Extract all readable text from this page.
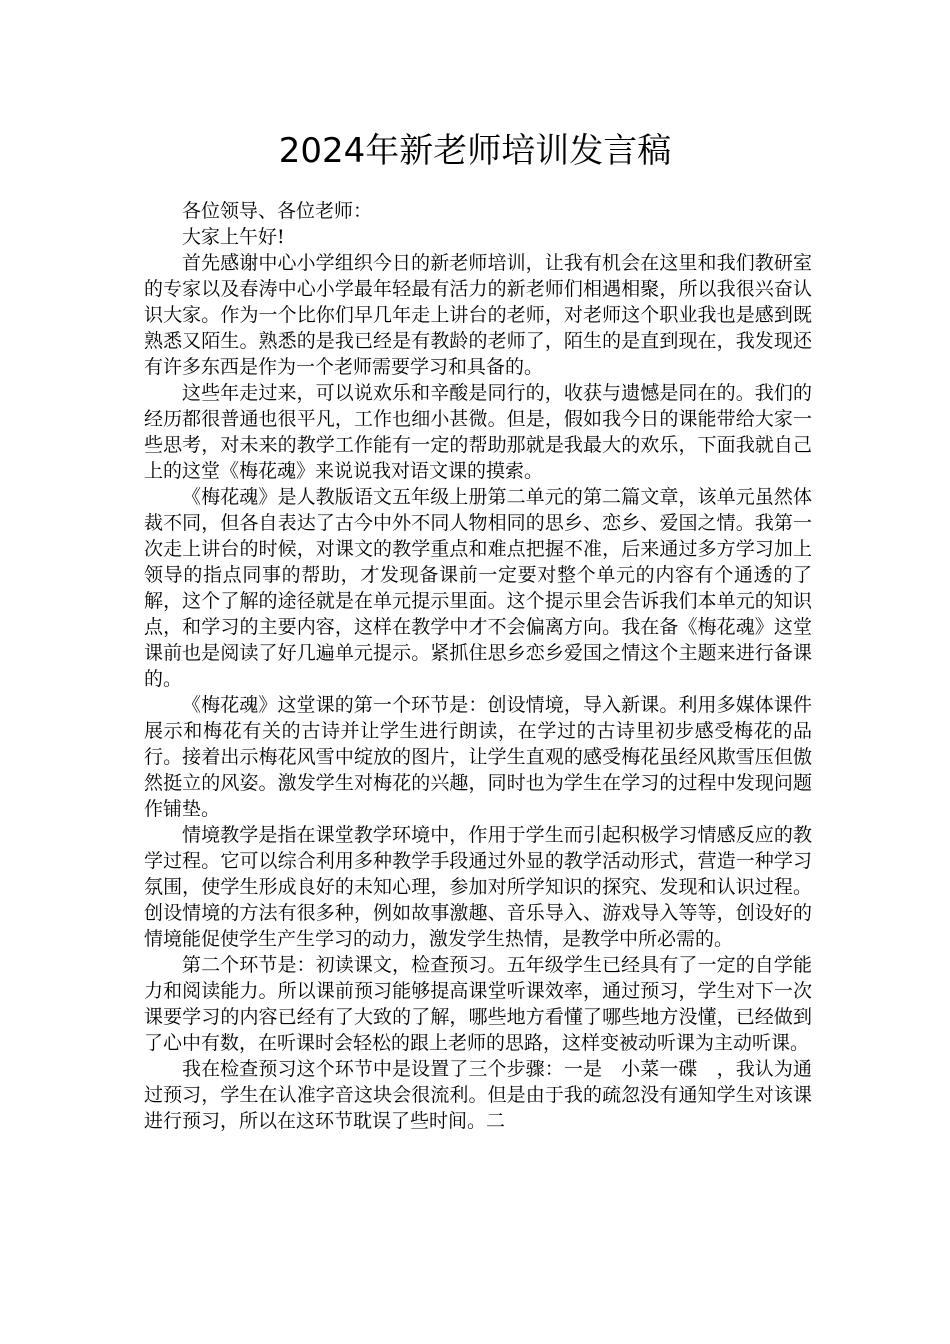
2024年新老师培训发言稿

各位领导、各位老师：

大家上午好!

首先感谢中心小学组织今日的新老师培训，让我有机会在这里和我们教研室的专家以及春涛中心小学最年轻最有活力的新老师们相遇相聚，所以我很兴奋认识大家。作为一个比你们早几年走上讲台的老师，对老师这个职业我也是感到既熟悉又陌生。熟悉的是我已经是有教龄的老师了，陌生的是直到现在，我发现还有许多东西是作为一个老师需要学习和具备的。

这些年走过来，可以说欢乐和辛酸是同行的，收获与遗憾是同在的。我们的经历都很普通也很平凡，工作也细小甚微。但是，假如我今日的课能带给大家一些思考，对未来的教学工作能有一定的帮助那就是我最大的欢乐，下面我就自己上的这堂《梅花魂》来说说我对语文课的摸索。

《梅花魂》是人教版语文五年级上册第二单元的第二篇文章，该单元虽然体裁不同，但各自表达了古今中外不同人物相同的思乡、恋乡、爱国之情。我第一次走上讲台的时候，对课文的教学重点和难点把握不准，后来通过多方学习加上领导的指点同事的帮助，才发现备课前一定要对整个单元的内容有个通透的了解，这个了解的途径就是在单元提示里面。这个提示里会告诉我们本单元的知识点，和学习的主要内容，这样在教学中才不会偏离方向。我在备《梅花魂》这堂课前也是阅读了好几遍单元提示。紧抓住思乡恋乡爱国之情这个主题来进行备课的。

《梅花魂》这堂课的第一个环节是：创设情境，导入新课。利用多媒体课件展示和梅花有关的古诗并让学生进行朗读，在学过的古诗里初步感受梅花的品行。接着出示梅花风雪中绽放的图片，让学生直观的感受梅花虽经风欺雪压但傲然挺立的风姿。激发学生对梅花的兴趣，同时也为学生在学习的过程中发现问题作铺垫。

情境教学是指在课堂教学环境中，作用于学生而引起积极学习情感反应的教学过程。它可以综合利用多种教学手段通过外显的教学活动形式，营造一种学习氛围，使学生形成良好的未知心理，参加对所学知识的探究、发现和认识过程。创设情境的方法有很多种，例如故事激趣、音乐导入、游戏导入等等，创设好的情境能促使学生产生学习的动力，激发学生热情，是教学中所必需的。

第二个环节是：初读课文，检查预习。五年级学生已经具有了一定的自学能力和阅读能力。所以课前预习能够提高课堂听课效率，通过预习，学生对下一次课要学习的内容已经有了大致的了解，哪些地方看懂了哪些地方没懂，已经做到了心中有数，在听课时会轻松的跟上老师的思路，这样变被动听课为主动听课。

我在检查预习这个环节中是设置了三个步骤：一是　小菜一碟　，我认为通过预习，学生在认准字音这块会很流利。但是由于我的疏忽没有通知学生对该课进行预习，所以在这环节耽误了些时间。二
